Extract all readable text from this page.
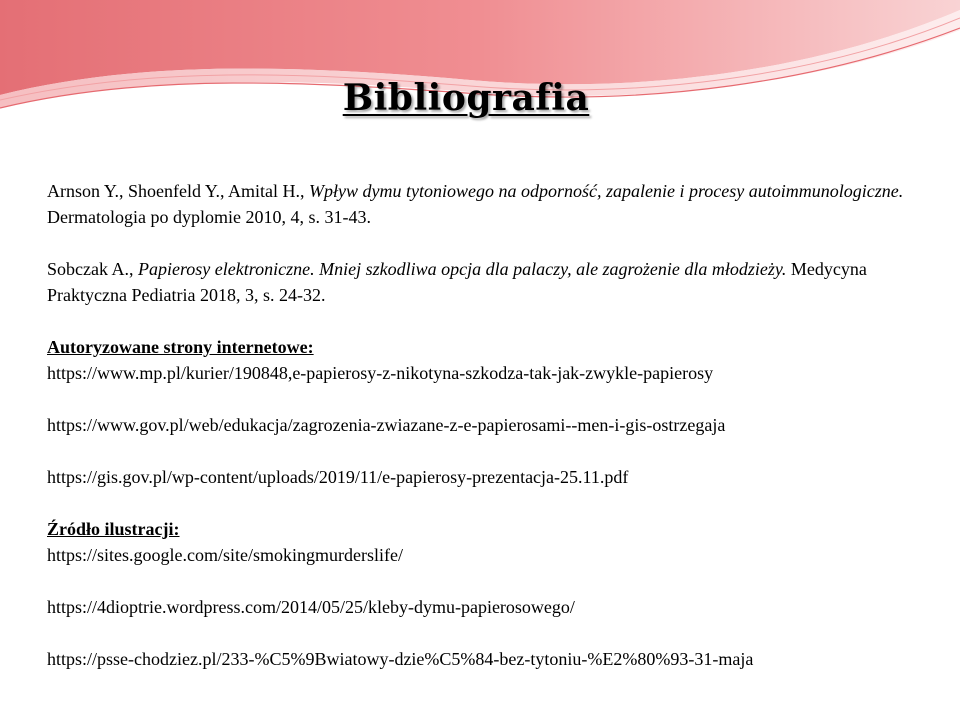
Bibliografia
Arnson Y., Shoenfeld Y., Amital H., Wpływ dymu tytoniowego na odporność, zapalenie i procesy autoimmunologiczne. Dermatologia po dyplomie 2010, 4, s. 31-43.
Sobczak A., Papierosy elektroniczne. Mniej szkodliwa opcja dla palaczy, ale zagrożenie dla młodzieży. Medycyna Praktyczna Pediatria 2018, 3, s. 24-32.
Autoryzowane strony internetowe:
https://www.mp.pl/kurier/190848,e-papierosy-z-nikotyna-szkodza-tak-jak-zwykle-papierosy
https://www.gov.pl/web/edukacja/zagrozenia-zwiazane-z-e-papierosami--men-i-gis-ostrzegaja
https://gis.gov.pl/wp-content/uploads/2019/11/e-papierosy-prezentacja-25.11.pdf
Źródło ilustracji:
https://sites.google.com/site/smokingmurderslife/
https://4dioptrie.wordpress.com/2014/05/25/kleby-dymu-papierosowego/
https://psse-chodziez.pl/233-%C5%9Bwiatowy-dzie%C5%84-bez-tytoniu-%E2%80%93-31-maja
